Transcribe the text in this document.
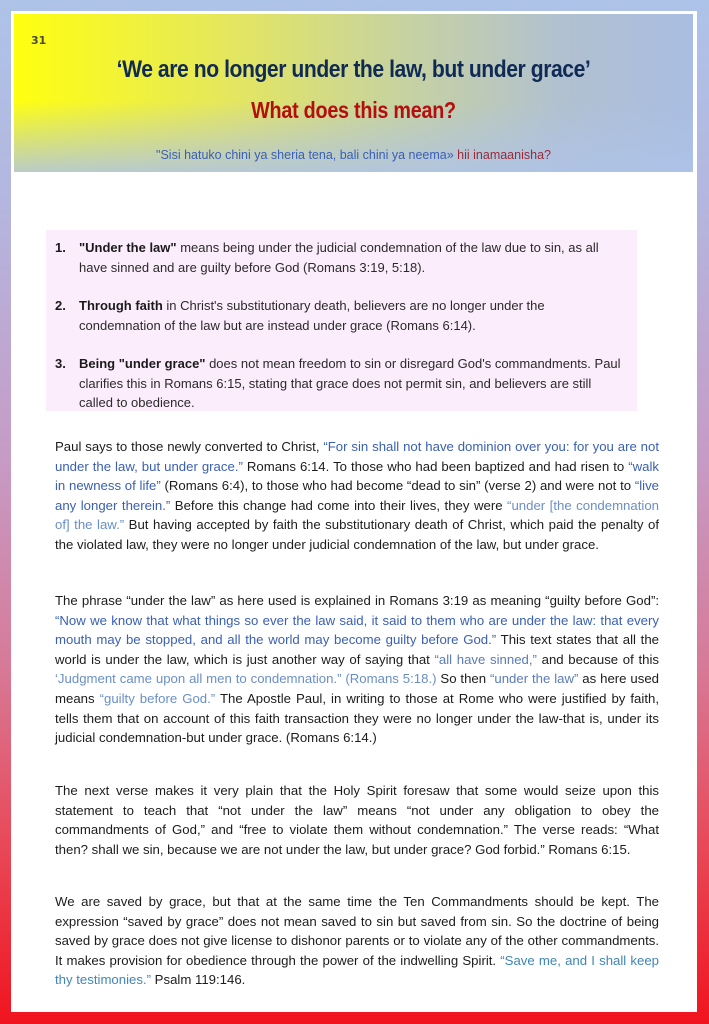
31
‘We are no longer under the law, but under grace’
What does this mean?
"Sisi hatuko chini ya sheria tena, bali chini ya neema» hii inamaanisha?
1. "Under the law" means being under the judicial condemnation of the law due to sin, as all have sinned and are guilty before God (Romans 3:19, 5:18).
2. Through faith in Christ's substitutionary death, believers are no longer under the condemnation of the law but are instead under grace (Romans 6:14).
3. Being "under grace" does not mean freedom to sin or disregard God's commandments. Paul clarifies this in Romans 6:15, stating that grace does not permit sin, and believers are still called to obedience.

Paul says to those newly converted to Christ, “For sin shall not have dominion over you: for you are not under the law, but under grace.” Romans 6:14. To those who had been baptized and had risen to “walk in newness of life” (Romans 6:4), to those who had become “dead to sin” (verse 2) and were not to “live any longer therein.” Before this change had come into their lives, they were “under [the condemnation of] the law.” But having accepted by faith the substitutionary death of Christ, which paid the penalty of the violated law, they were no longer under judicial condemnation of the law, but under grace.

The phrase “under the law” as here used is explained in Romans 3:19 as meaning “guilty before God”: “Now we know that what things so ever the law said, it said to them who are under the law: that every mouth may be stopped, and all the world may become guilty before God.” This text states that all the world is under the law, which is just another way of saying that “all have sinned,” and because of this ‘Judgment came upon all men to condemnation.” (Romans 5:18.) So then “under the law” as here used means “guilty before God.” The Apostle Paul, in writing to those at Rome who were justified by faith, tells them that on account of this faith transaction they were no longer under the law-that is, under its judicial condemnation-but under grace. (Romans 6:14.)

The next verse makes it very plain that the Holy Spirit foresaw that some would seize upon this statement to teach that “not under the law” means “not under any obligation to obey the commandments of God,” and “free to violate them without condemnation.” The verse reads: “What then? shall we sin, because we are not under the law, but under grace? God forbid.” Romans 6:15.

We are saved by grace, but that at the same time the Ten Commandments should be kept. The expression “saved by grace” does not mean saved to sin but saved from sin. So the doctrine of being saved by grace does not give license to dishonor parents or to violate any of the other commandments. It makes provision for obedience through the power of the indwelling Spirit. “Save me, and I shall keep thy testimonies.” Psalm 119:146.
